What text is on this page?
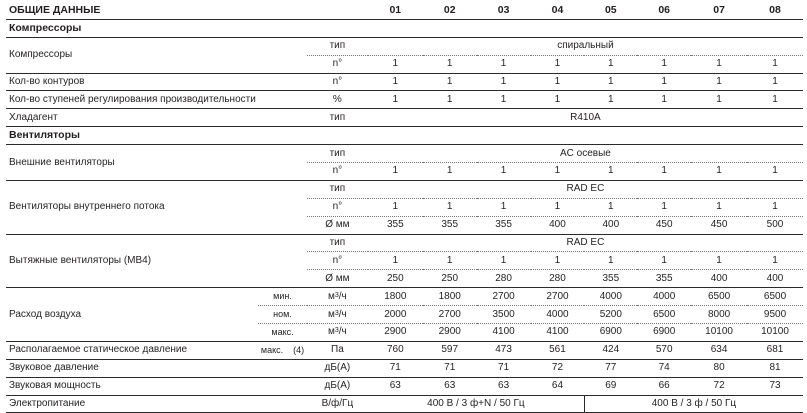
ОБЩИЕ ДАННЫЕ			01	02	03	04	05	06	07	08
Компрессоры										
Компрессоры		тип	спиральный							
		n°	1	1	1	1	1	1	1	1
Кол-во контуров		n°	1	1	1	1	1	1	1	1
Кол-во ступеней регулирования производительности		%	1	1	1	1	1	1	1	1
Хладагент		тип	R410A							
Вентиляторы										
Внешние вентиляторы		тип	AC осевые							
		n°	1	1	1	1	1	1	1	1
Вентиляторы внутреннего потока		тип	RAD EC							
		n°	1	1	1	1	1	1	1	1
		Ø мм	355	355	355	400	400	450	450	500
Вытяжные вентиляторы (MB4)		тип	RAD EC							
		n°	1	1	1	1	1	1	1	1
		Ø мм	250	250	280	280	355	355	400	400
Расход воздуха	мин.	$м^3/ч$	1800	1800	2700	2700	4000	4000	6500	6500
	ном.	$м^3/ч$	2000	2700	3500	4000	5200	6500	8000	9500
	макс.	$м^3/ч$	2900	2900	4100	4100	6900	6900	10100	10100
Располагаемое статическое давление	макс. (4)	Па	760	597	473	561	424	570	634	681
Звуковое давление		дБ(А)	71	71	71	72	77	74	80	81
Звуковая мощность		дБ(А)	63	63	63	64	69	66	72	73
Электропитание		В/ф/Гц	400 В / 3 ф+N / 50 Гц				400 В / 3 ф / 50 Гц			
